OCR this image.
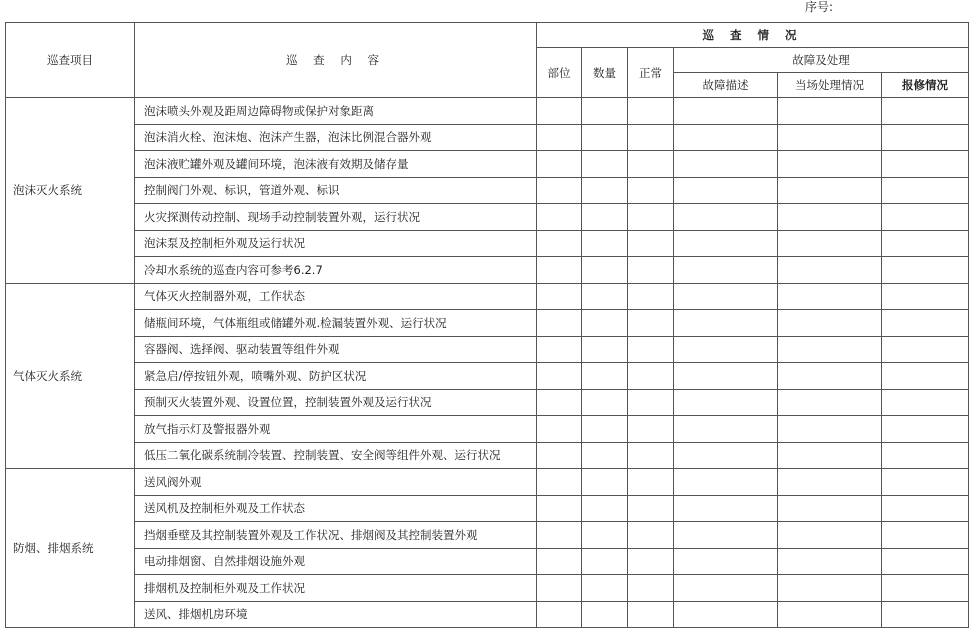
序号:
巡查项目	巡 查 内 容	巡 查 情 况					
		部位	数量	正常	故障及处理		
					故障描述	当场处理情况	报修情况
泡沫灭火系统	泡沫喷头外观及距周边障碍物或保护对象距离						
	泡沫消火栓、泡沫炮、泡沫产生器，泡沫比例混合器外观						
	泡沫液贮罐外观及罐间环境，泡沫液有效期及储存量						
	控制阀门外观、标识，管道外观、标识						
	火灾探测传动控制、现场手动控制装置外观，运行状况						
	泡沫泵及控制柜外观及运行状况						
	冷却水系统的巡查内容可参考6.2.7						
气体灭火系统	气体灭火控制器外观，工作状态						
	储瓶间环境，气体瓶组或储罐外观.检漏装置外观、运行状况						
	容器阀、选择阀、驱动装置等组件外观						
	紧急启/停按钮外观，喷嘴外观、防护区状况						
	预制灭火装置外观、设置位置，控制装置外观及运行状况						
	放气指示灯及警报器外观						
	低压二氧化碳系统制冷装置、控制装置、安全阀等组件外观、运行状况						
防烟、排烟系统	送风阀外观						
	送风机及控制柜外观及工作状态						
	挡烟垂壁及其控制装置外观及工作状况、排烟阀及其控制装置外观						
	电动排烟窗、自然排烟设施外观						
	排烟机及控制柜外观及工作状况						
	送风、排烟机房环境						
